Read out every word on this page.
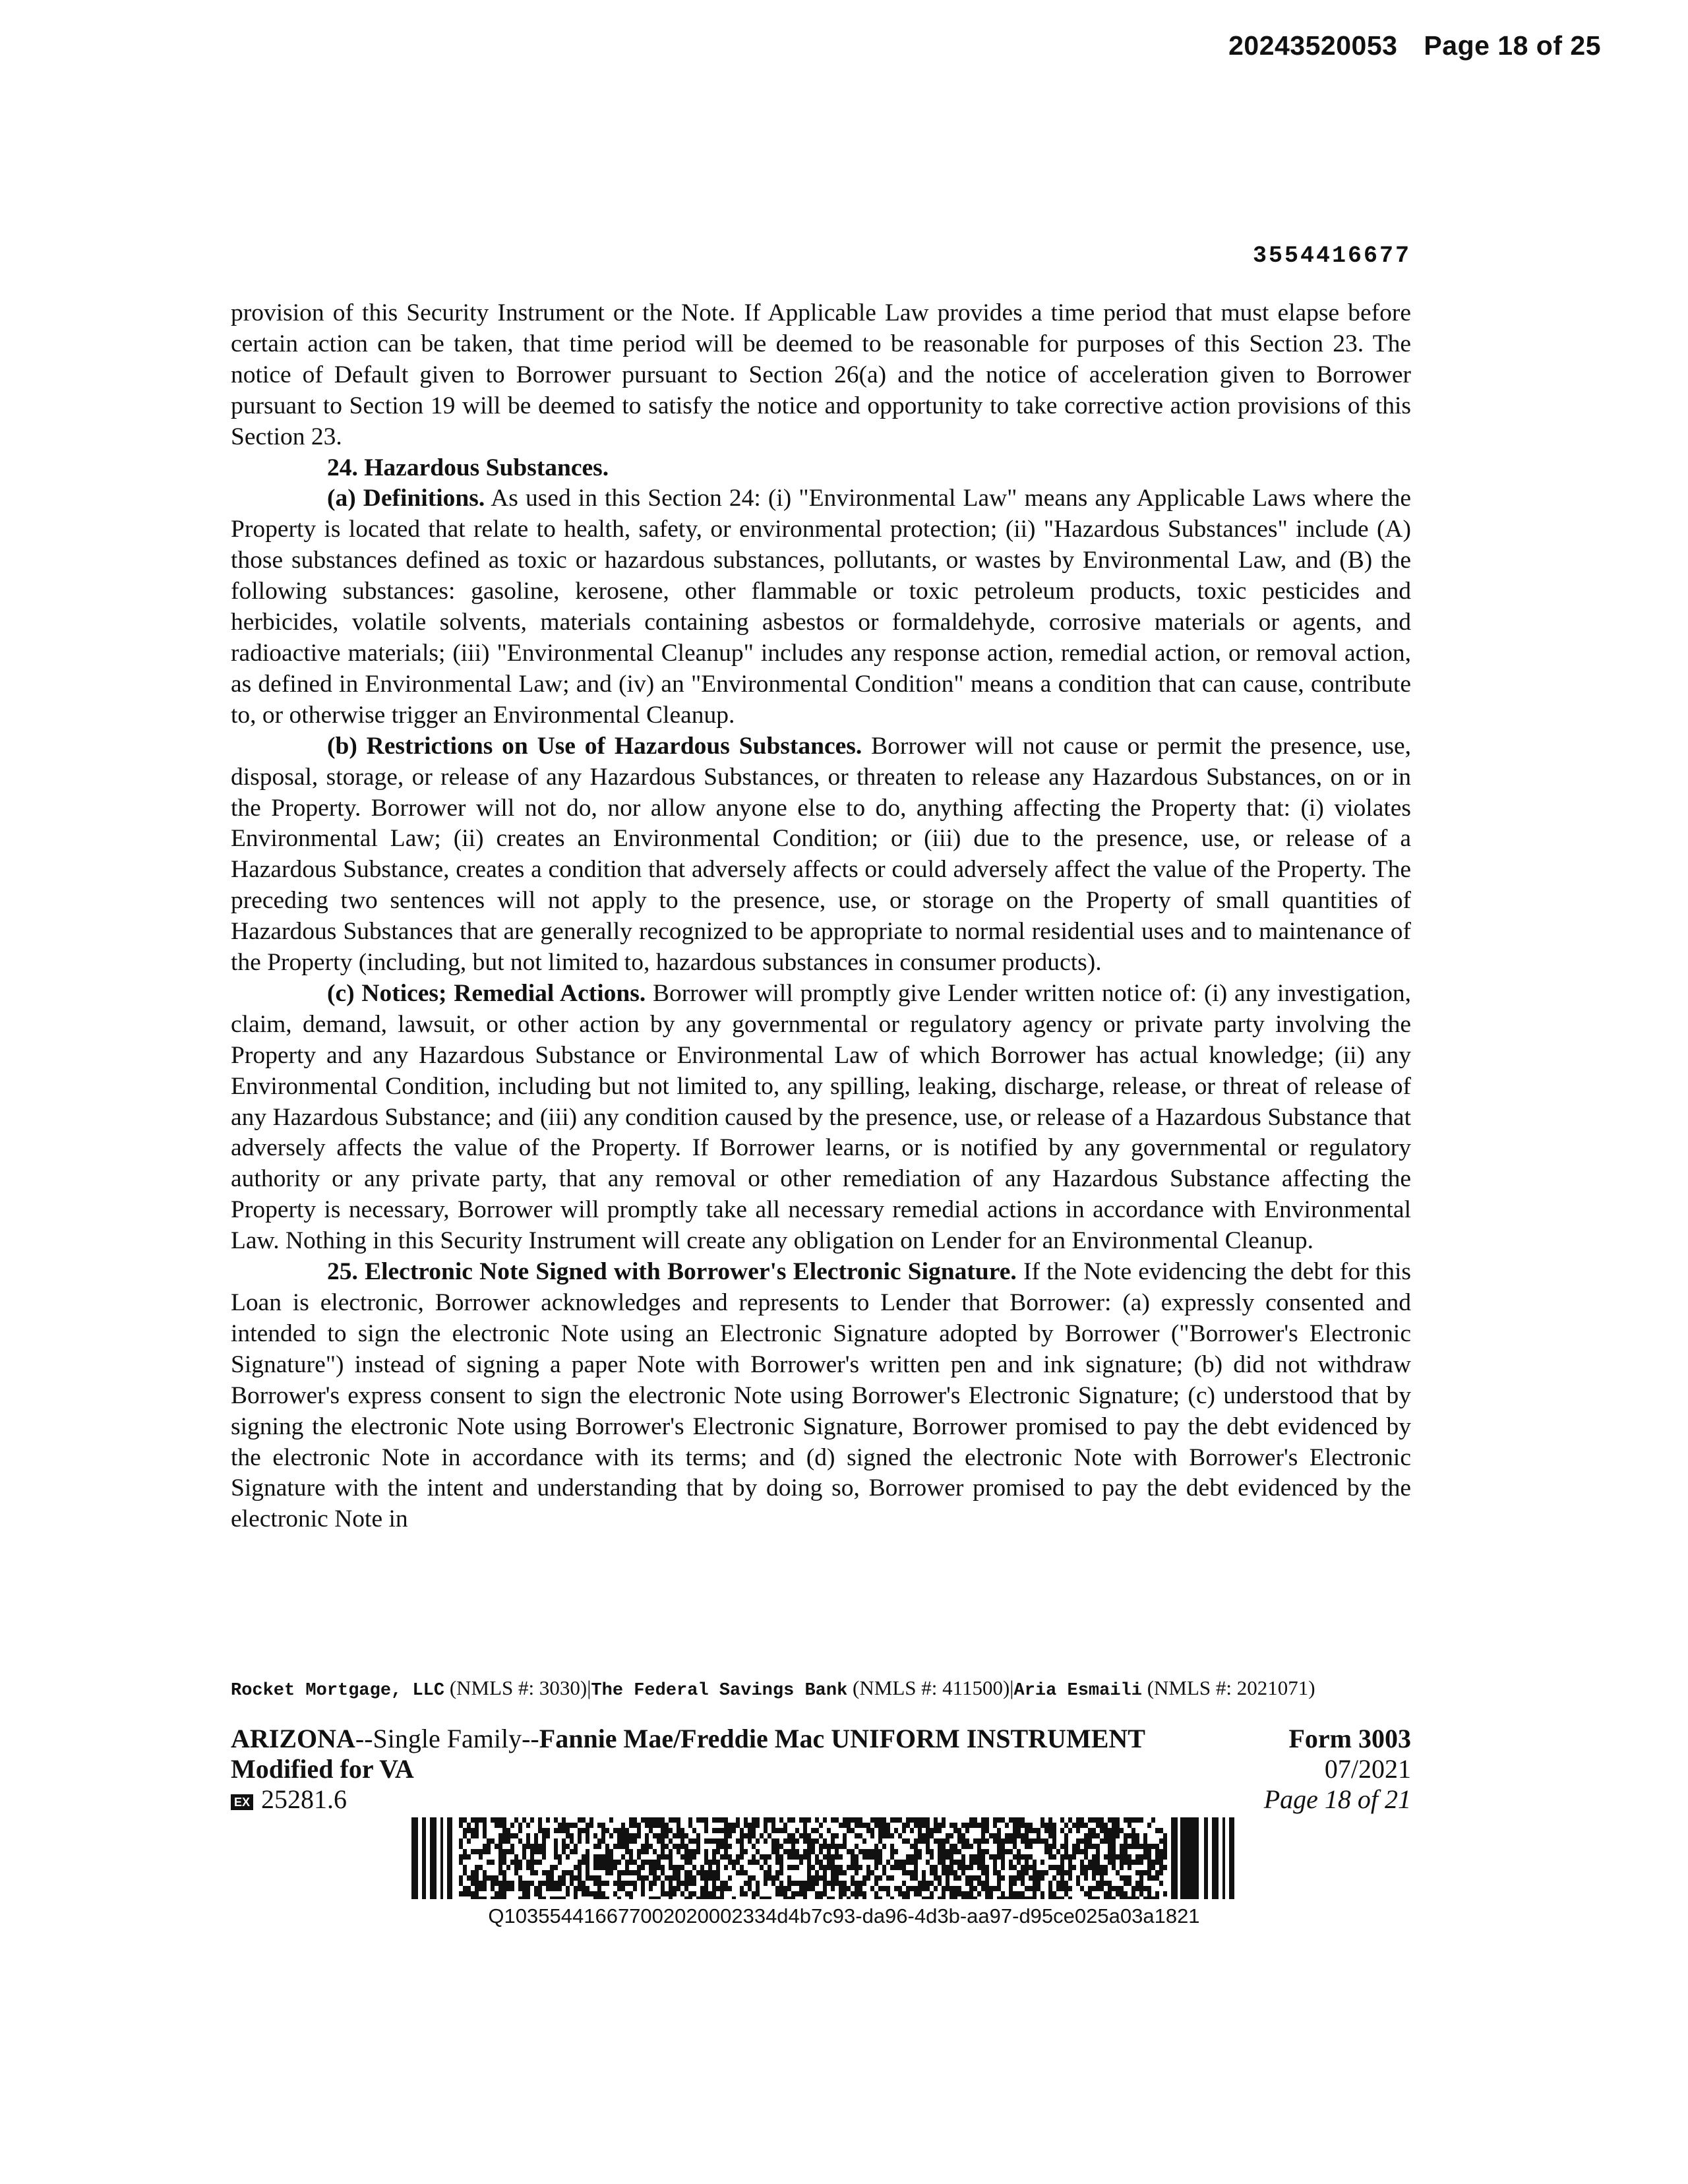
20243520053 Page 18 of 25
3554416677

provision of this Security Instrument or the Note. If Applicable Law provides a time period that must elapse before certain action can be taken, that time period will be deemed to be reasonable for purposes of this Section 23. The notice of Default given to Borrower pursuant to Section 26(a) and the notice of acceleration given to Borrower pursuant to Section 19 will be deemed to satisfy the notice and opportunity to take corrective action provisions of this Section 23.

24. Hazardous Substances.

(a) Definitions. As used in this Section 24: (i) "Environmental Law" means any Applicable Laws where the Property is located that relate to health, safety, or environmental protection; (ii) "Hazardous Substances" include (A) those substances defined as toxic or hazardous substances, pollutants, or wastes by Environmental Law, and (B) the following substances: gasoline, kerosene, other flammable or toxic petroleum products, toxic pesticides and herbicides, volatile solvents, materials containing asbestos or formaldehyde, corrosive materials or agents, and radioactive materials; (iii) "Environmental Cleanup" includes any response action, remedial action, or removal action, as defined in Environmental Law; and (iv) an "Environmental Condition" means a condition that can cause, contribute to, or otherwise trigger an Environmental Cleanup.

(b) Restrictions on Use of Hazardous Substances. Borrower will not cause or permit the presence, use, disposal, storage, or release of any Hazardous Substances, or threaten to release any Hazardous Substances, on or in the Property. Borrower will not do, nor allow anyone else to do, anything affecting the Property that: (i) violates Environmental Law; (ii) creates an Environmental Condition; or (iii) due to the presence, use, or release of a Hazardous Substance, creates a condition that adversely affects or could adversely affect the value of the Property. The preceding two sentences will not apply to the presence, use, or storage on the Property of small quantities of Hazardous Substances that are generally recognized to be appropriate to normal residential uses and to maintenance of the Property (including, but not limited to, hazardous substances in consumer products).

(c) Notices; Remedial Actions. Borrower will promptly give Lender written notice of: (i) any investigation, claim, demand, lawsuit, or other action by any governmental or regulatory agency or private party involving the Property and any Hazardous Substance or Environmental Law of which Borrower has actual knowledge; (ii) any Environmental Condition, including but not limited to, any spilling, leaking, discharge, release, or threat of release of any Hazardous Substance; and (iii) any condition caused by the presence, use, or release of a Hazardous Substance that adversely affects the value of the Property. If Borrower learns, or is notified by any governmental or regulatory authority or any private party, that any removal or other remediation of any Hazardous Substance affecting the Property is necessary, Borrower will promptly take all necessary remedial actions in accordance with Environmental Law. Nothing in this Security Instrument will create any obligation on Lender for an Environmental Cleanup.

25. Electronic Note Signed with Borrower's Electronic Signature. If the Note evidencing the debt for this Loan is electronic, Borrower acknowledges and represents to Lender that Borrower: (a) expressly consented and intended to sign the electronic Note using an Electronic Signature adopted by Borrower ("Borrower's Electronic Signature") instead of signing a paper Note with Borrower's written pen and ink signature; (b) did not withdraw Borrower's express consent to sign the electronic Note using Borrower's Electronic Signature; (c) understood that by signing the electronic Note using Borrower's Electronic Signature, Borrower promised to pay the debt evidenced by the electronic Note in accordance with its terms; and (d) signed the electronic Note with Borrower's Electronic Signature with the intent and understanding that by doing so, Borrower promised to pay the debt evidenced by the electronic Note in

Rocket Mortgage, LLC (NMLS #: 3030)|The Federal Savings Bank (NMLS #: 411500)|Aria Esmaili (NMLS #: 2021071)
ARIZONA--Single Family--Fannie Mae/Freddie Mac UNIFORM INSTRUMENT
Modified for VA
EX 25281.6
Form 3003
07/2021
Page 18 of 21
Q103554416677002020002334d4b7c93-da96-4d3b-aa97-d95ce025a03a1821
